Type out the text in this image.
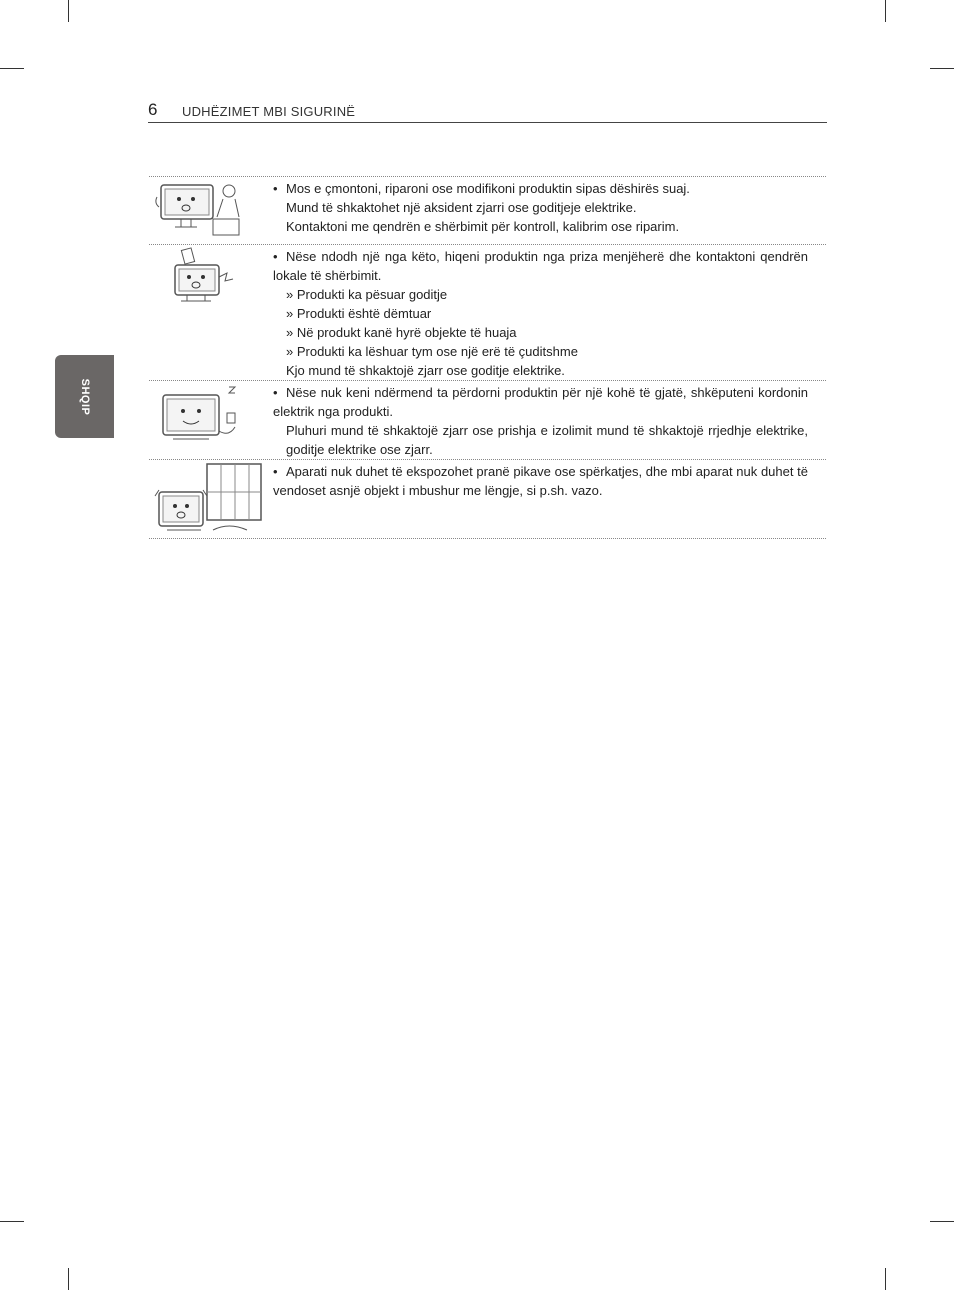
6 UDHËZIMET MBI SIGURINË
SHQIP
• Mos e çmontoni, riparoni ose modifikoni produktin sipas dëshirës suaj.
Mund të shkaktohet një aksident zjarri ose goditjeje elektrike.
Kontaktoni me qendrën e shërbimit për kontroll, kalibrim ose riparim.
• Nëse ndodh një nga këto, hiqeni produktin nga priza menjëherë dhe kontaktoni qendrën lokale të shërbimit.
» Produkti ka pësuar goditje
» Produkti është dëmtuar
» Në produkt kanë hyrë objekte të huaja
» Produkti ka lëshuar tym ose një erë të çuditshme
Kjo mund të shkaktojë zjarr ose goditje elektrike.
• Nëse nuk keni ndërmend ta përdorni produktin për një kohë të gjatë, shkëputeni kordonin elektrik nga produkti.
Pluhuri mund të shkaktojë zjarr ose prishja e izolimit mund të shkaktojë rrjedhje elektrike, goditje elektrike ose zjarr.
• Aparati nuk duhet të ekspozohet pranë pikave ose spërkatjes, dhe mbi aparat nuk duhet të vendoset asnjë objekt i mbushur me lëngje, si p.sh. vazo.
